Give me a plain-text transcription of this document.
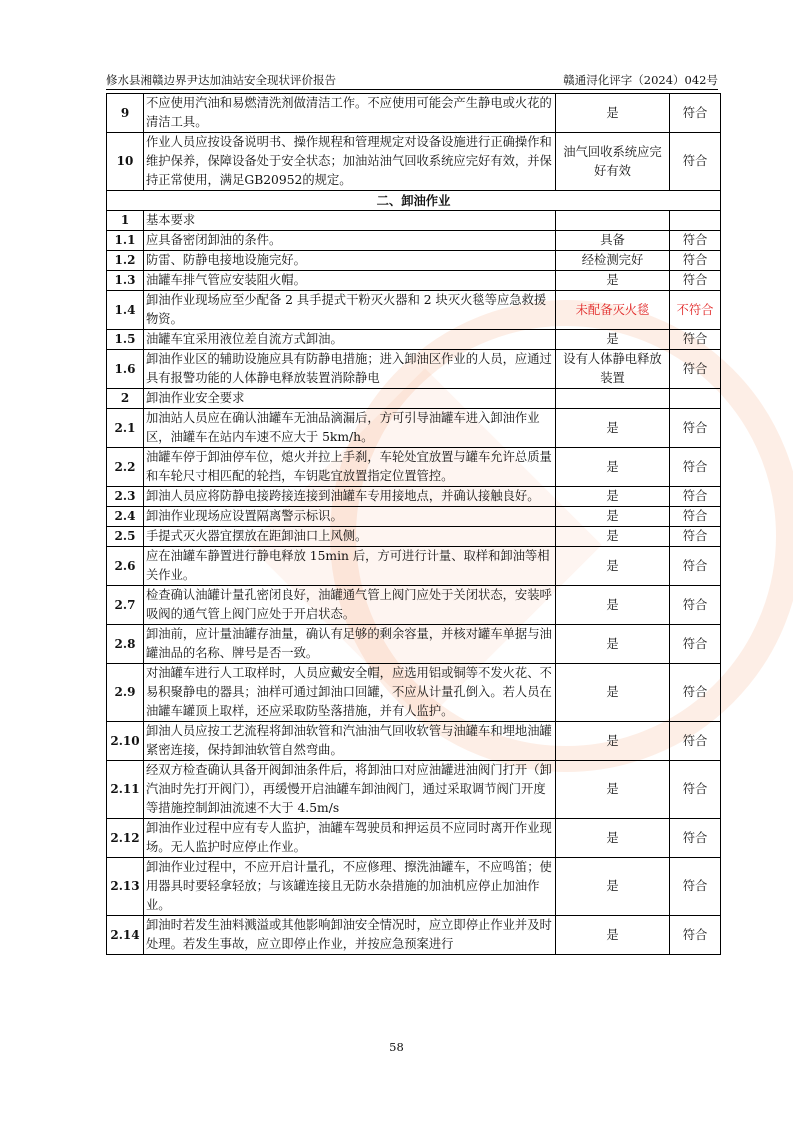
修水县湘赣边界尹达加油站安全现状评价报告	赣通浔化评字（2024）042号
9	不应使用汽油和易燃清洗剂做清洁工作。不应使用可能会产生静电或火花的清洁工具。	是	符合
10	作业人员应按设备说明书、操作规程和管理规定对设备设施进行正确操作和维护保养，保障设备处于安全状态；加油站油气回收系统应完好有效，并保持正常使用，满足GB20952的规定。	油气回收系统应完好有效	符合
二、卸油作业			
1	基本要求		
1.1	应具备密闭卸油的条件。	具备	符合
1.2	防雷、防静电接地设施完好。	经检测完好	符合
1.3	油罐车排气管应安装阻火帽。	是	符合
1.4	卸油作业现场应至少配备 2 具手提式干粉灭火器和 2 块灭火毯等应急救援物资。	未配备灭火毯	不符合
1.5	油罐车宜采用液位差自流方式卸油。	是	符合
1.6	卸油作业区的辅助设施应具有防静电措施；进入卸油区作业的人员，应通过具有报警功能的人体静电释放装置消除静电	设有人体静电释放装置	符合
2	卸油作业安全要求		
2.1	加油站人员应在确认油罐车无油品滴漏后，方可引导油罐车进入卸油作业区，油罐车在站内车速不应大于 5km/h。	是	符合
2.2	油罐车停于卸油停车位，熄火并拉上手刹，车轮处宜放置与罐车允许总质量和车轮尺寸相匹配的轮挡，车钥匙宜放置指定位置管控。	是	符合
2.3	卸油人员应将防静电接跨接连接到油罐车专用接地点，并确认接触良好。	是	符合
2.4	卸油作业现场应设置隔离警示标识。	是	符合
2.5	手提式灭火器宜摆放在距卸油口上风侧。	是	符合
2.6	应在油罐车静置进行静电释放 15min 后，方可进行计量、取样和卸油等相关作业。	是	符合
2.7	检查确认油罐计量孔密闭良好，油罐通气管上阀门应处于关闭状态，安装呼吸阀的通气管上阀门应处于开启状态。	是	符合
2.8	卸油前，应计量油罐存油量，确认有足够的剩余容量，并核对罐车单据与油罐油品的名称、牌号是否一致。	是	符合
2.9	对油罐车进行人工取样时，人员应戴安全帽，应选用铝或铜等不发火花、不易积聚静电的器具；油样可通过卸油口回罐，不应从计量孔倒入。若人员在油罐车罐顶上取样，还应采取防坠落措施，并有人监护。	是	符合
2.10	卸油人员应按工艺流程将卸油软管和汽油油气回收软管与油罐车和埋地油罐紧密连接，保持卸油软管自然弯曲。	是	符合
2.11	经双方检查确认具备开阀卸油条件后，将卸油口对应油罐进油阀门打开（卸汽油时先打开阀门），再缓慢开启油罐车卸油阀门，通过采取调节阀门开度等措施控制卸油流速不大于 4.5m/s	是	符合
2.12	卸油作业过程中应有专人监护，油罐车驾驶员和押运员不应同时离开作业现场。无人监护时应停止作业。	是	符合
2.13	卸油作业过程中，不应开启计量孔，不应修理、擦洗油罐车，不应鸣笛；使用器具时要轻拿轻放；与该罐连接且无防水杂措施的加油机应停止加油作业。	是	符合
2.14	卸油时若发生油料溅溢或其他影响卸油安全情况时，应立即停止作业并及时处理。若发生事故，应立即停止作业，并按应急预案进行	是	符合
58
